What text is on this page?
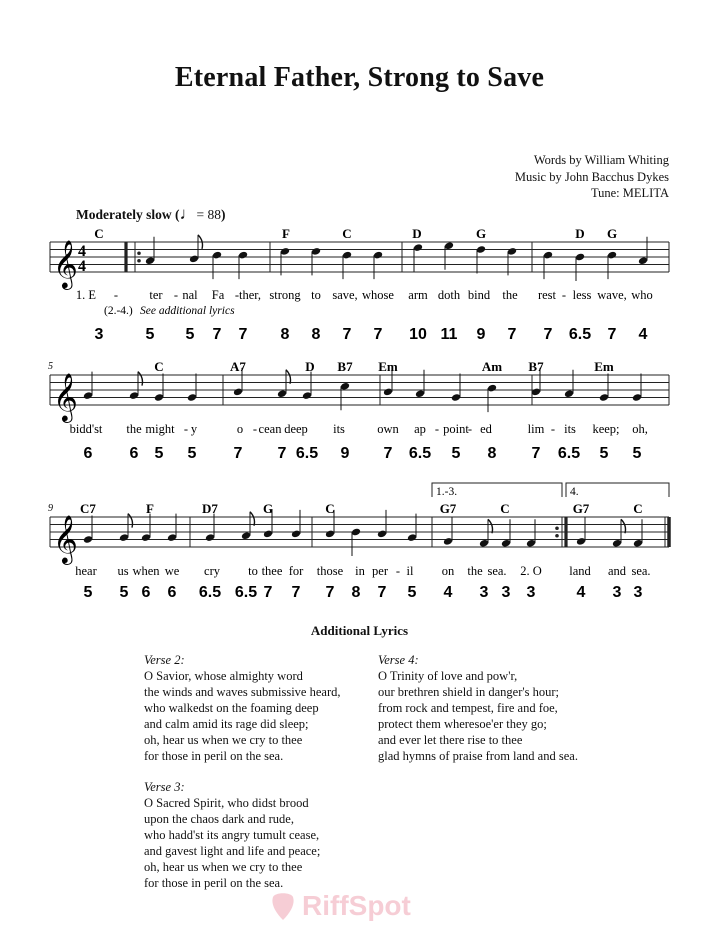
Eternal Father, Strong to Save
Words by William Whiting
Music by John Bacchus Dykes
Tune: MELITA
Moderately slow (♩= 88)
𝄞 4
4
C	F	C	D	G	D G
1. E -	ter - nal Fa - ther, strong to save, whose arm doth bind the rest - less wave, who
3	5 5 7 7 8 8 7 7 10 11 9 7 7 6.5 7 4
(2.-4.) See additional lyrics
𝄞
5	C	A7	D B7 Em	Am B7	Em
bidd'st the might - y	o - cean deep its	own ap - point - ed	lim - its keep; oh,
6 6 5 5 7 7 6.5 9 7 6.5 5 8 7 6.5 5 5
𝄞
9
1.-3.	4.
C7	F	D7	G	C	G7	C	G7	C
hear us when we cry to thee for those in per - il on the sea. 2. O land and sea.
5 5 6 6 6.5 6.5 7 7 7 8 7 5 4 3 3 3	4 3 3
Additional Lyrics
Verse 2:
O Savior, whose almighty word
the winds and waves submissive heard,
who walkedst on the foaming deep
and calm amid its rage did sleep;
oh, hear us when we cry to thee
for those in peril on the sea.
Verse 3:
O Sacred Spirit, who didst brood
upon the chaos dark and rude,
who hadd'st its angry tumult cease,
and gavest light and life and peace;
oh, hear us when we cry to thee
for those in peril on the sea.
Verse 4:
O Trinity of love and pow'r,
our brethren shield in danger's hour;
from rock and tempest, fire and foe,
protect them wheresoe'er they go;
and ever let there rise to thee
glad hymns of praise from land and sea.
RiffSpot
